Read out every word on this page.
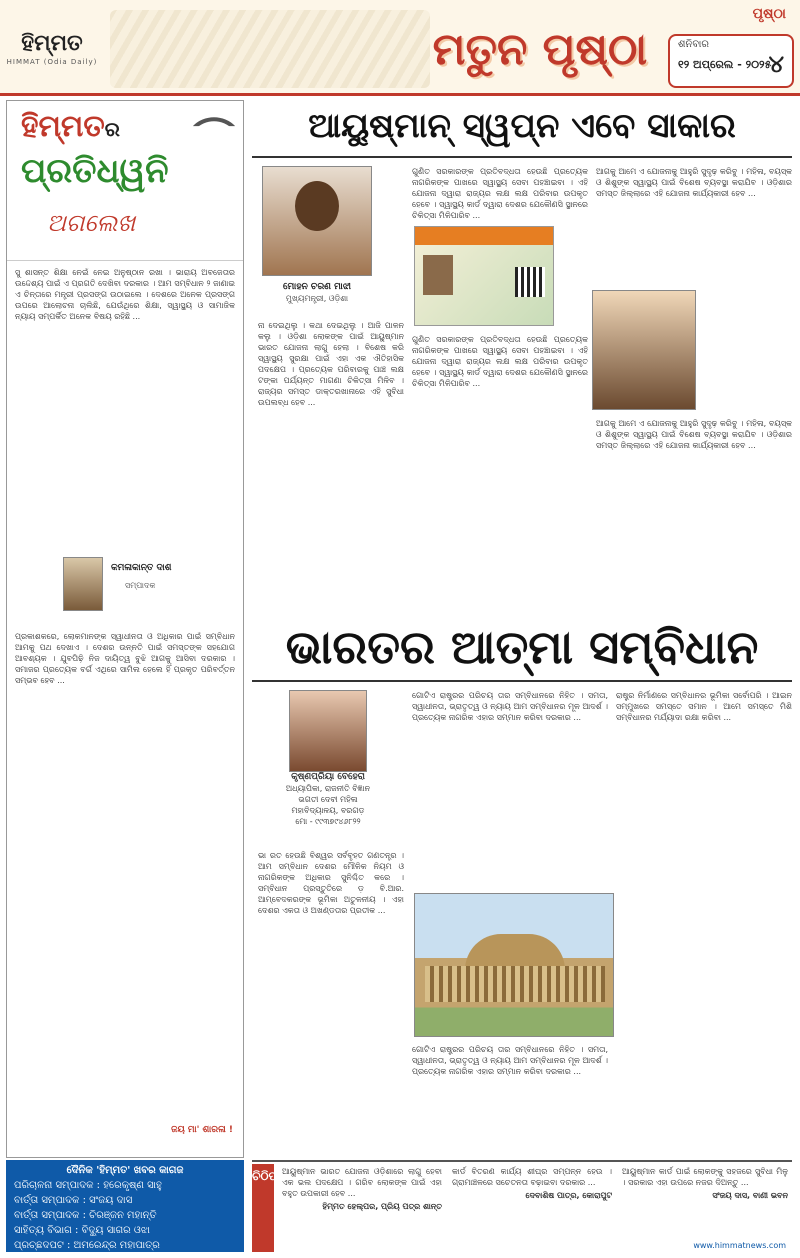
ହିମ୍ମତ
HIMMAT (Odia Daily)	ମତୁନ ପୃଷ୍ଠା
ପୃଷ୍ଠା
ଶନିବାର
୧୨ ଅପ୍ରେଲ - ୨୦୨୫
୪
ହିମ୍ମତର
ପ୍ରତିଧ୍ୱନି
ଅଗଲେଖ

ସୁ ଶାସନ୍ତ ଶିକ୍ଷା ନେଇଁ ନେଇ ଅନୁଷ୍ଠାନ ରଖା । ଭାରାୟ ଅବଜେତାର ଉଦ୍ଦେଶ୍ୟ ପାଇଁ ଏ ପ୍ରଗତି ଦେଖିବା ଦରକାର । ଆମ ସମ୍ବିଧାନ ୨ ଜାଣାଇ ଏ ଚିନ୍ତାରେ ମନ୍ତ୍ରୀ ପ୍ରସଙ୍ଗ ଉଠାଇଲେ । ଦେଶରେ ଅନେକ ପ୍ରସଙ୍ଗ ଉପରେ ଆଲୋଚନା ଚାଲିଛି, ଯେଉଁଥିରେ ଶିକ୍ଷା, ସ୍ୱାସ୍ଥ୍ୟ ଓ ସାମାଜିକ ନ୍ୟାୟ ସମ୍ପର୍କିତ ଅନେକ ବିଷୟ ରହିଛି ...

କମଳାକାନ୍ତ ଦାଶ
ସମ୍ପାଦକ

ପ୍ରକାଶକରେ, ଲୋକମାନଙ୍କ ସ୍ୱାଧୀନତା ଓ ଅଧିକାର ପାଇଁ ସମ୍ବିଧାନ ଆମକୁ ପଥ ଦେଖାଏ । ଦେଶର ଉନ୍ନତି ପାଇଁ ସମସ୍ତଙ୍କ ସହଯୋଗ ଆବଶ୍ୟକ । ଯୁବପିଢ଼ି ନିଜ ଦାୟିତ୍ୱ ବୁଝି ଆଗକୁ ଆସିବା ଦରକାର । ସମାଜର ପ୍ରତ୍ୟେକ ବର୍ଗ ଏଥିରେ ସାମିଲ ହେଲେ ହିଁ ପ୍ରକୃତ ପରିବର୍ତ୍ତନ ସମ୍ଭବ ହେବ ...

ଜୟ ମା' ଶାରଳା !
ଦୈନିକ 'ହିମ୍ମତ' ଖବର କାଗଜ
ପରିଚାଳନା ସମ୍ପାଦକ : ହରେକୃଷ୍ଣ ସାହୁ
ବାର୍ତ୍ତା ସମ୍ପାଦକ : ସଂଜୟ ଦାସ
ବାର୍ତ୍ତା ସମ୍ପାଦକ : ଚିରଞ୍ଜନ ମହାନ୍ତି
ସାହିତ୍ୟ ବିଭାଗ : ବିଦ୍ୟୁ ସାଗର ଓଝା
ପ୍ରଚ୍ଛଦପଟ : ଅମରେନ୍ଦ୍ର ମହାପାତ୍ର
ଆୟୁଷ୍ମାନ୍ ସ୍ୱପ୍ନ ଏବେ ସାକାର
ମୋହନ ଚରଣ ମାଝୀ
ମୁଖ୍ୟମନ୍ତ୍ରୀ, ଓଡ଼ିଶା

ନା ଦେଇଥିଲୁ । କଥା ଦେଇଥିଲୁ । ଆଜି ପାଳନ କଲୁ । ଓଡ଼ିଶା ଲୋକଙ୍କ ପାଇଁ ଆୟୁଷ୍ମାନ ଭାରତ ଯୋଜନା ଲାଗୁ ହେଲା । ବିଶେଷ କରି ସ୍ୱାସ୍ଥ୍ୟ ସୁରକ୍ଷା ପାଇଁ ଏହା ଏକ ଐତିହାସିକ ପଦକ୍ଷେପ । ପ୍ରତ୍ୟେକ ପରିବାରକୁ ପାଞ୍ଚ ଲକ୍ଷ ଟଙ୍କା ପର୍ଯ୍ୟନ୍ତ ମାଗଣା ଚିକିତ୍ସା ମିଳିବ । ରାଜ୍ୟର ସମସ୍ତ ଡାକ୍ତରଖାନାରେ ଏହି ସୁବିଧା ଉପଲବ୍ଧ ହେବ ...

ଗୁଣିତ ସରକାରଙ୍କ ପ୍ରତିବଦ୍ଧତା ହେଉଛି ପ୍ରତ୍ୟେକ ନାଗରିକଙ୍କ ପାଖରେ ସ୍ୱାସ୍ଥ୍ୟ ସେବା ପହଞ୍ଚାଇବା । ଏହି ଯୋଜନା ଦ୍ୱାରା ରାଜ୍ୟର ଲକ୍ଷ ଲକ୍ଷ ପରିବାର ଉପକୃତ ହେବେ । ସ୍ୱାସ୍ଥ୍ୟ କାର୍ଡ ଦ୍ୱାରା ଦେଶର ଯେକୌଣସି ସ୍ଥାନରେ ଚିକିତ୍ସା ମିଳିପାରିବ ...

ଗୁଣିତ ସରକାରଙ୍କ ପ୍ରତିବଦ୍ଧତା ହେଉଛି ପ୍ରତ୍ୟେକ ନାଗରିକଙ୍କ ପାଖରେ ସ୍ୱାସ୍ଥ୍ୟ ସେବା ପହଞ୍ଚାଇବା । ଏହି ଯୋଜନା ଦ୍ୱାରା ରାଜ୍ୟର ଲକ୍ଷ ଲକ୍ଷ ପରିବାର ଉପକୃତ ହେବେ । ସ୍ୱାସ୍ଥ୍ୟ କାର୍ଡ ଦ୍ୱାରା ଦେଶର ଯେକୌଣସି ସ୍ଥାନରେ ଚିକିତ୍ସା ମିଳିପାରିବ ...

ଆଗକୁ ଆମେ ଏ ଯୋଜନାକୁ ଆହୁରି ସୁଦୃଢ଼ କରିବୁ । ମହିଳା, ବୟସ୍କ ଓ ଶିଶୁଙ୍କ ସ୍ୱାସ୍ଥ୍ୟ ପାଇଁ ବିଶେଷ ବ୍ୟବସ୍ଥା କରାଯିବ । ଓଡ଼ିଶାର ସମସ୍ତ ଜିଲ୍ଲାରେ ଏହି ଯୋଜନା କାର୍ଯ୍ୟକାରୀ ହେବ ...

ଆଗକୁ ଆମେ ଏ ଯୋଜନାକୁ ଆହୁରି ସୁଦୃଢ଼ କରିବୁ । ମହିଳା, ବୟସ୍କ ଓ ଶିଶୁଙ୍କ ସ୍ୱାସ୍ଥ୍ୟ ପାଇଁ ବିଶେଷ ବ୍ୟବସ୍ଥା କରାଯିବ । ଓଡ଼ିଶାର ସମସ୍ତ ଜିଲ୍ଲାରେ ଏହି ଯୋଜନା କାର୍ଯ୍ୟକାରୀ ହେବ ...

ଭାରତର ଆତ୍ମା ସମ୍ବିଧାନ
କୃଷ୍ଣପ୍ରିୟା ବେହେରା
ଅଧ୍ୟାପିକା, ରାଜନୀତି ବିଜ୍ଞାନ
ଭଗତୀ ଦେବୀ ମହିଳା
ମହାବିଦ୍ୟାଳୟ, ବରଗଡ଼
ମୋ - ୯୯୩୭୯୪୬୮୨୨

ଭା ରତ ହେଉଛି ବିଶ୍ୱର ସର୍ବବୃହତ ଗଣତନ୍ତ୍ର । ଆମ ସମ୍ବିଧାନ ଦେଶର ମୌଳିକ ନିୟମ ଓ ନାଗରିକଙ୍କ ଅଧିକାର ସୁନିଶ୍ଚିତ କରେ । ସମ୍ବିଧାନ ପ୍ରସ୍ତୁତିରେ ଡ଼ ବି.ଆର. ଆମ୍ବେଦକରଙ୍କ ଭୂମିକା ଅତୁଳନୀୟ । ଏହା ଦେଶର ଏକତା ଓ ଅଖଣ୍ଡତାର ପ୍ରତୀକ ...

ଗୋଟିଏ ରାଷ୍ଟ୍ରର ପରିଚୟ ତାର ସମ୍ବିଧାନରେ ନିହିତ । ସମତା, ସ୍ୱାଧୀନତା, ଭ୍ରାତୃତ୍ୱ ଓ ନ୍ୟାୟ ଆମ ସମ୍ବିଧାନର ମୂଳ ଆଦର୍ଶ । ପ୍ରତ୍ୟେକ ନାଗରିକ ଏହାର ସମ୍ମାନ କରିବା ଦରକାର ...

ଗୋଟିଏ ରାଷ୍ଟ୍ରର ପରିଚୟ ତାର ସମ୍ବିଧାନରେ ନିହିତ । ସମତା, ସ୍ୱାଧୀନତା, ଭ୍ରାତୃତ୍ୱ ଓ ନ୍ୟାୟ ଆମ ସମ୍ବିଧାନର ମୂଳ ଆଦର୍ଶ । ପ୍ରତ୍ୟେକ ନାଗରିକ ଏହାର ସମ୍ମାନ କରିବା ଦରକାର ...

ରାଷ୍ଟ୍ର ନିର୍ମାଣରେ ସମ୍ବିଧାନର ଭୂମିକା ସର୍ବୋପରି । ଆଇନ ସମ୍ମୁଖରେ ସମସ୍ତେ ସମାନ । ଆମେ ସମସ୍ତେ ମିଶି ସମ୍ବିଧାନର ମର୍ଯ୍ୟାଦା ରକ୍ଷା କରିବା ...

ଚିଠିପତ୍ର

ଆୟୁଷ୍ମାନ ଭାରତ ଯୋଜନା ଓଡ଼ିଶାରେ ଲାଗୁ ହେବା ଏକ ଭଲ ପଦକ୍ଷେପ । ଗରିବ ଲୋକଙ୍କ ପାଇଁ ଏହା ବହୁତ ଉପକାରୀ ହେବ ...

ହିମ୍ମତ ହେଲ୍ପର, ପ୍ରିୟ ପତ୍ର ଶାନ୍ତ

କାର୍ଡ ବିତରଣ କାର୍ଯ୍ୟ ଶୀଘ୍ର ସମ୍ପନ୍ନ ହେଉ । ଗ୍ରାମାଞ୍ଚଳରେ ସଚେତନତା ବଢ଼ାଇବା ଦରକାର ...

ଦେବାଶିଷ ପାତ୍ର, କୋରାପୁଟ

ଆୟୁଷ୍ମାନ କାର୍ଡ ପାଇଁ ଲୋକଙ୍କୁ ସହଜରେ ସୁବିଧା ମିଳୁ । ସରକାର ଏହା ଉପରେ ନଜର ଦିଅନ୍ତୁ ...

ସଂଜୟ ଦାସ, ବାଣୀ ଭବନ

www.himmatnews.com
